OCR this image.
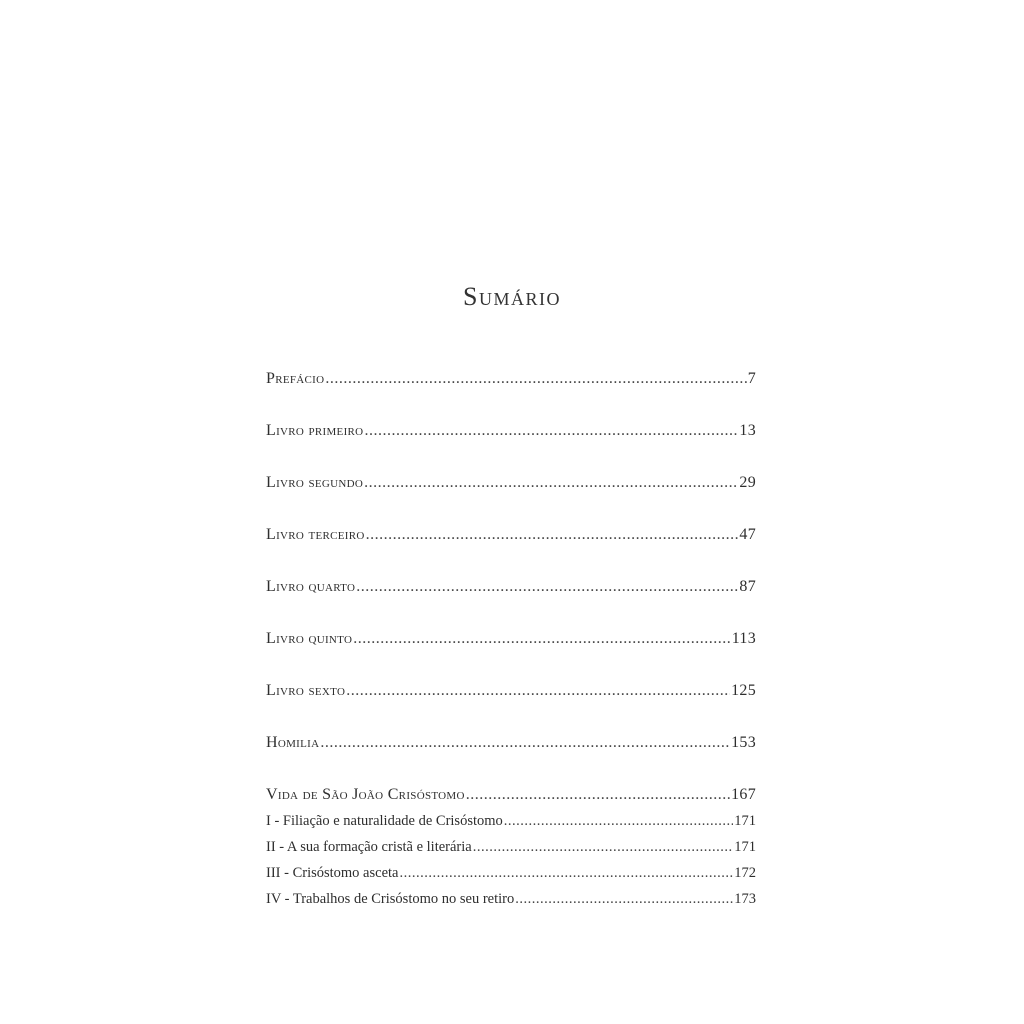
Sumário
Prefácio .....	7
Livro primeiro .....	13
Livro segundo .....	29
Livro terceiro .....	47
Livro quarto .....	87
Livro quinto .....	113
Livro sexto .....	125
Homilia .....	153
Vida de São João Crisóstomo .....	167
I - Filiação e naturalidade de Crisóstomo .....	171
II - A sua formação cristã e literária .....	171
III - Crisóstomo asceta .....	172
IV - Trabalhos de Crisóstomo no seu retiro .....	173
